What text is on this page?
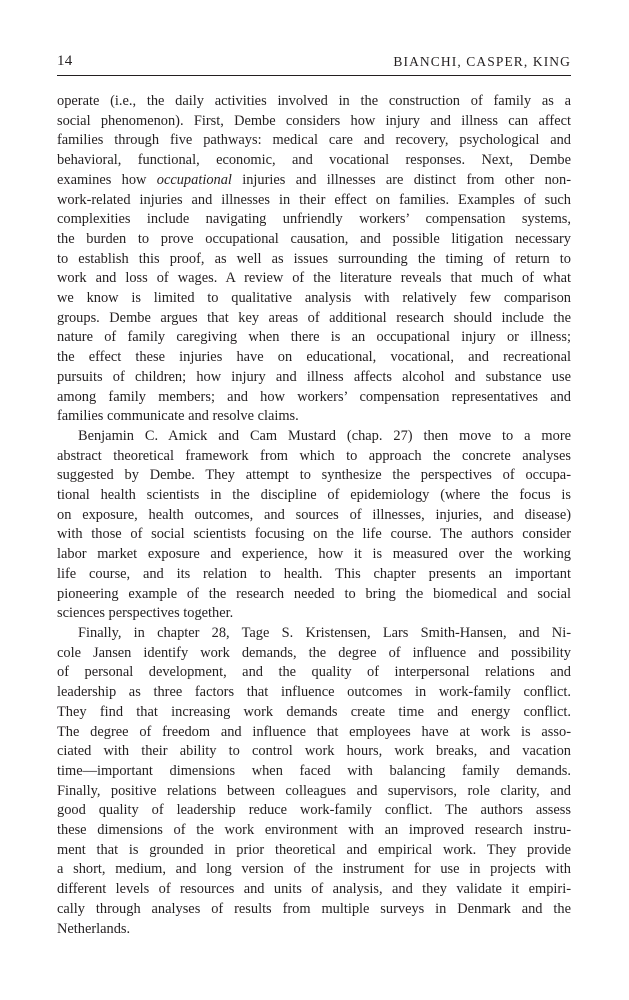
14	BIANCHI, CASPER, KING
operate (i.e., the daily activities involved in the construction of family as a
social phenomenon). First, Dembe considers how injury and illness can affect
families through five pathways: medical care and recovery, psychological and
behavioral, functional, economic, and vocational responses. Next, Dembe
examines how occupational injuries and illnesses are distinct from other non-
work-related injuries and illnesses in their effect on families. Examples of such
complexities include navigating unfriendly workers’ compensation systems,
the burden to prove occupational causation, and possible litigation necessary
to establish this proof, as well as issues surrounding the timing of return to
work and loss of wages. A review of the literature reveals that much of what
we know is limited to qualitative analysis with relatively few comparison
groups. Dembe argues that key areas of additional research should include the
nature of family caregiving when there is an occupational injury or illness;
the effect these injuries have on educational, vocational, and recreational
pursuits of children; how injury and illness affects alcohol and substance use
among family members; and how workers’ compensation representatives and
families communicate and resolve claims.
Benjamin C. Amick and Cam Mustard (chap. 27) then move to a more
abstract theoretical framework from which to approach the concrete analyses
suggested by Dembe. They attempt to synthesize the perspectives of occupa-
tional health scientists in the discipline of epidemiology (where the focus is
on exposure, health outcomes, and sources of illnesses, injuries, and disease)
with those of social scientists focusing on the life course. The authors consider
labor market exposure and experience, how it is measured over the working
life course, and its relation to health. This chapter presents an important
pioneering example of the research needed to bring the biomedical and social
sciences perspectives together.
Finally, in chapter 28, Tage S. Kristensen, Lars Smith-Hansen, and Ni-
cole Jansen identify work demands, the degree of influence and possibility
of personal development, and the quality of interpersonal relations and
leadership as three factors that influence outcomes in work-family conflict.
They find that increasing work demands create time and energy conflict.
The degree of freedom and influence that employees have at work is asso-
ciated with their ability to control work hours, work breaks, and vacation
time—important dimensions when faced with balancing family demands.
Finally, positive relations between colleagues and supervisors, role clarity, and
good quality of leadership reduce work-family conflict. The authors assess
these dimensions of the work environment with an improved research instru-
ment that is grounded in prior theoretical and empirical work. They provide
a short, medium, and long version of the instrument for use in projects with
different levels of resources and units of analysis, and they validate it empiri-
cally through analyses of results from multiple surveys in Denmark and the
Netherlands.
